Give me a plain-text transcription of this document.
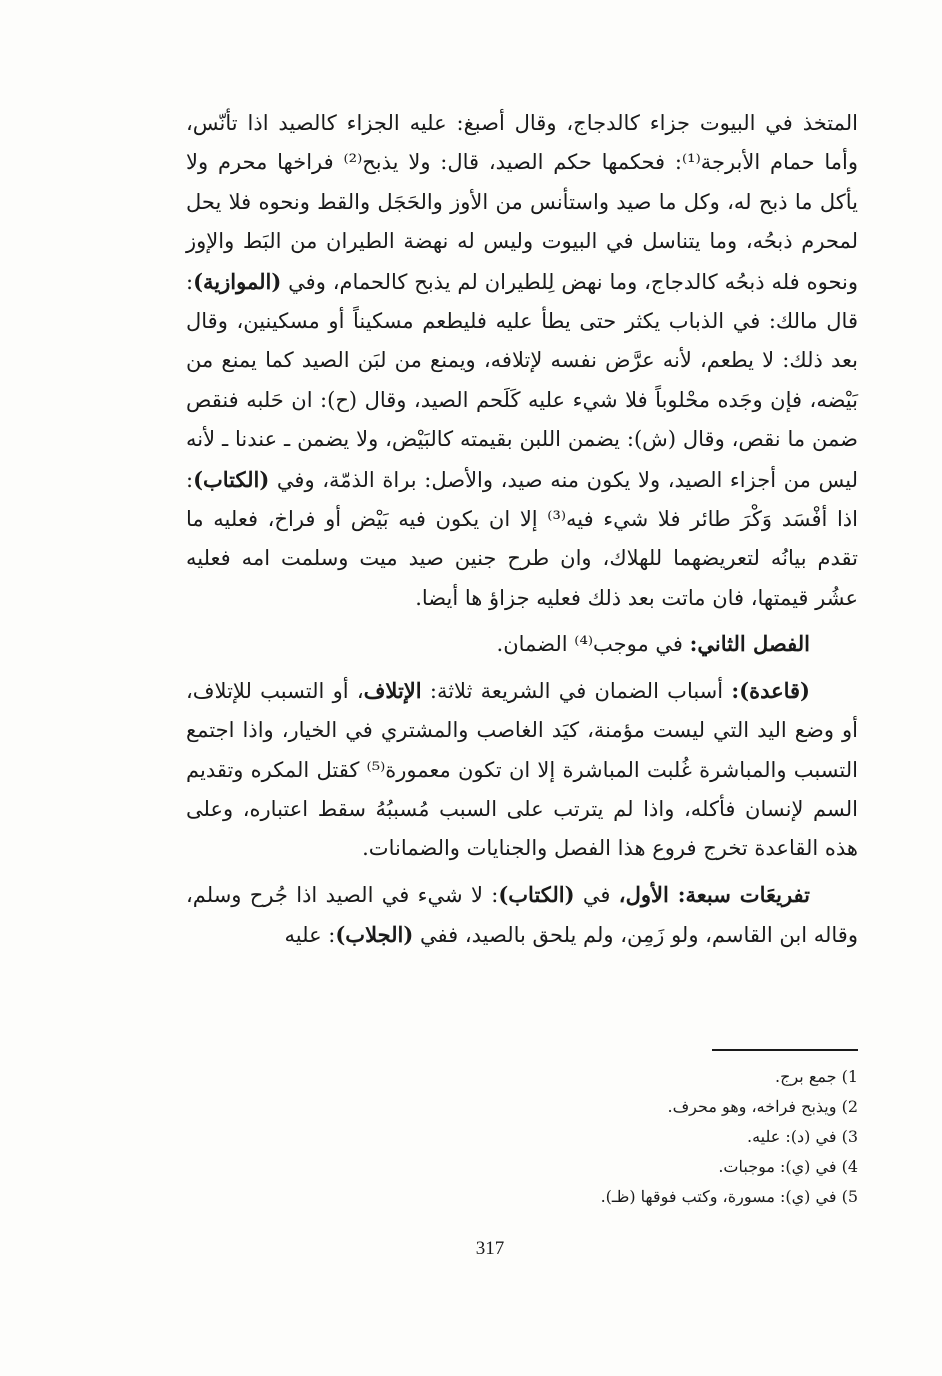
المتخذ في البيوت جزاء كالدجاج، وقال أصبغ: عليه الجزاء كالصيد اذا تأنّس، وأما حمام الأبرجة⁽¹⁾: فحكمها حكم الصيد، قال: ولا يذبح⁽²⁾ فراخها محرم ولا يأكل ما ذبح له، وكل ما صيد واستأنس من الأوز والحَجَل والقط ونحوه فلا يحل لمحرم ذبحُه، وما يتناسل في البيوت وليس له نهضة الطيران من البَط والإوز ونحوه فله ذبحُه كالدجاج، وما نهض لِلطيران لم يذبح كالحمام، وفي (الموازية): قال مالك: في الذباب يكثر حتى يطأ عليه فليطعم مسكيناً أو مسكينين، وقال بعد ذلك: لا يطعم، لأنه عرَّض نفسه لإتلافه، ويمنع من لبَن الصيد كما يمنع من بَيْضه، فإن وجَده محْلوباً فلا شيء عليه كَلَحم الصيد، وقال (ح): ان حَلبه فنقص ضمن ما نقص، وقال (ش): يضمن اللبن بقيمته كالبَيْض، ولا يضمن ـ عندنا ـ لأنه ليس من أجزاء الصيد، ولا يكون منه صيد، والأصل: براة الذمّة، وفي (الكتاب): اذا أفْسَد وَكْرَ طائر فلا شيء فيه⁽³⁾ إلا ان يكون فيه بَيْض أو فراخ، فعليه ما تقدم بيانُه لتعريضهما للهلاك، وان طرح جنين صيد ميت وسلمت امه فعليه عشُر قيمتها، فان ماتت بعد ذلك فعليه جزاؤ ها أيضا.

الفصل الثاني: في موجب⁽⁴⁾ الضمان.

(قاعدة): أسباب الضمان في الشريعة ثلاثة: الإتلاف، أو التسبب للإتلاف، أو وضع اليد التي ليست مؤمنة، كيَد الغاصب والمشتري في الخيار، واذا اجتمع التسبب والمباشرة غُلبت المباشرة إلا ان تكون معمورة⁽⁵⁾ كقتل المكره وتقديم السم لإنسان فأكله، واذا لم يترتب على السبب مُسببُهُ سقط اعتباره، وعلى هذه القاعدة تخرج فروع هذا الفصل والجنايات والضمانات.

تفريعَات سبعة: الأول، في (الكتاب): لا شيء في الصيد اذا جُرح وسلم، وقاله ابن القاسم، ولو زَمِن، ولم يلحق بالصيد، ففي (الجلاب): عليه

1) جمع برج.

2) ويذبح فراخه، وهو محرف.

3) في (د): عليه.

4) في (ي): موجبات.

5) في (ي): مسورة، وكتب فوقها (ظـ).

317
